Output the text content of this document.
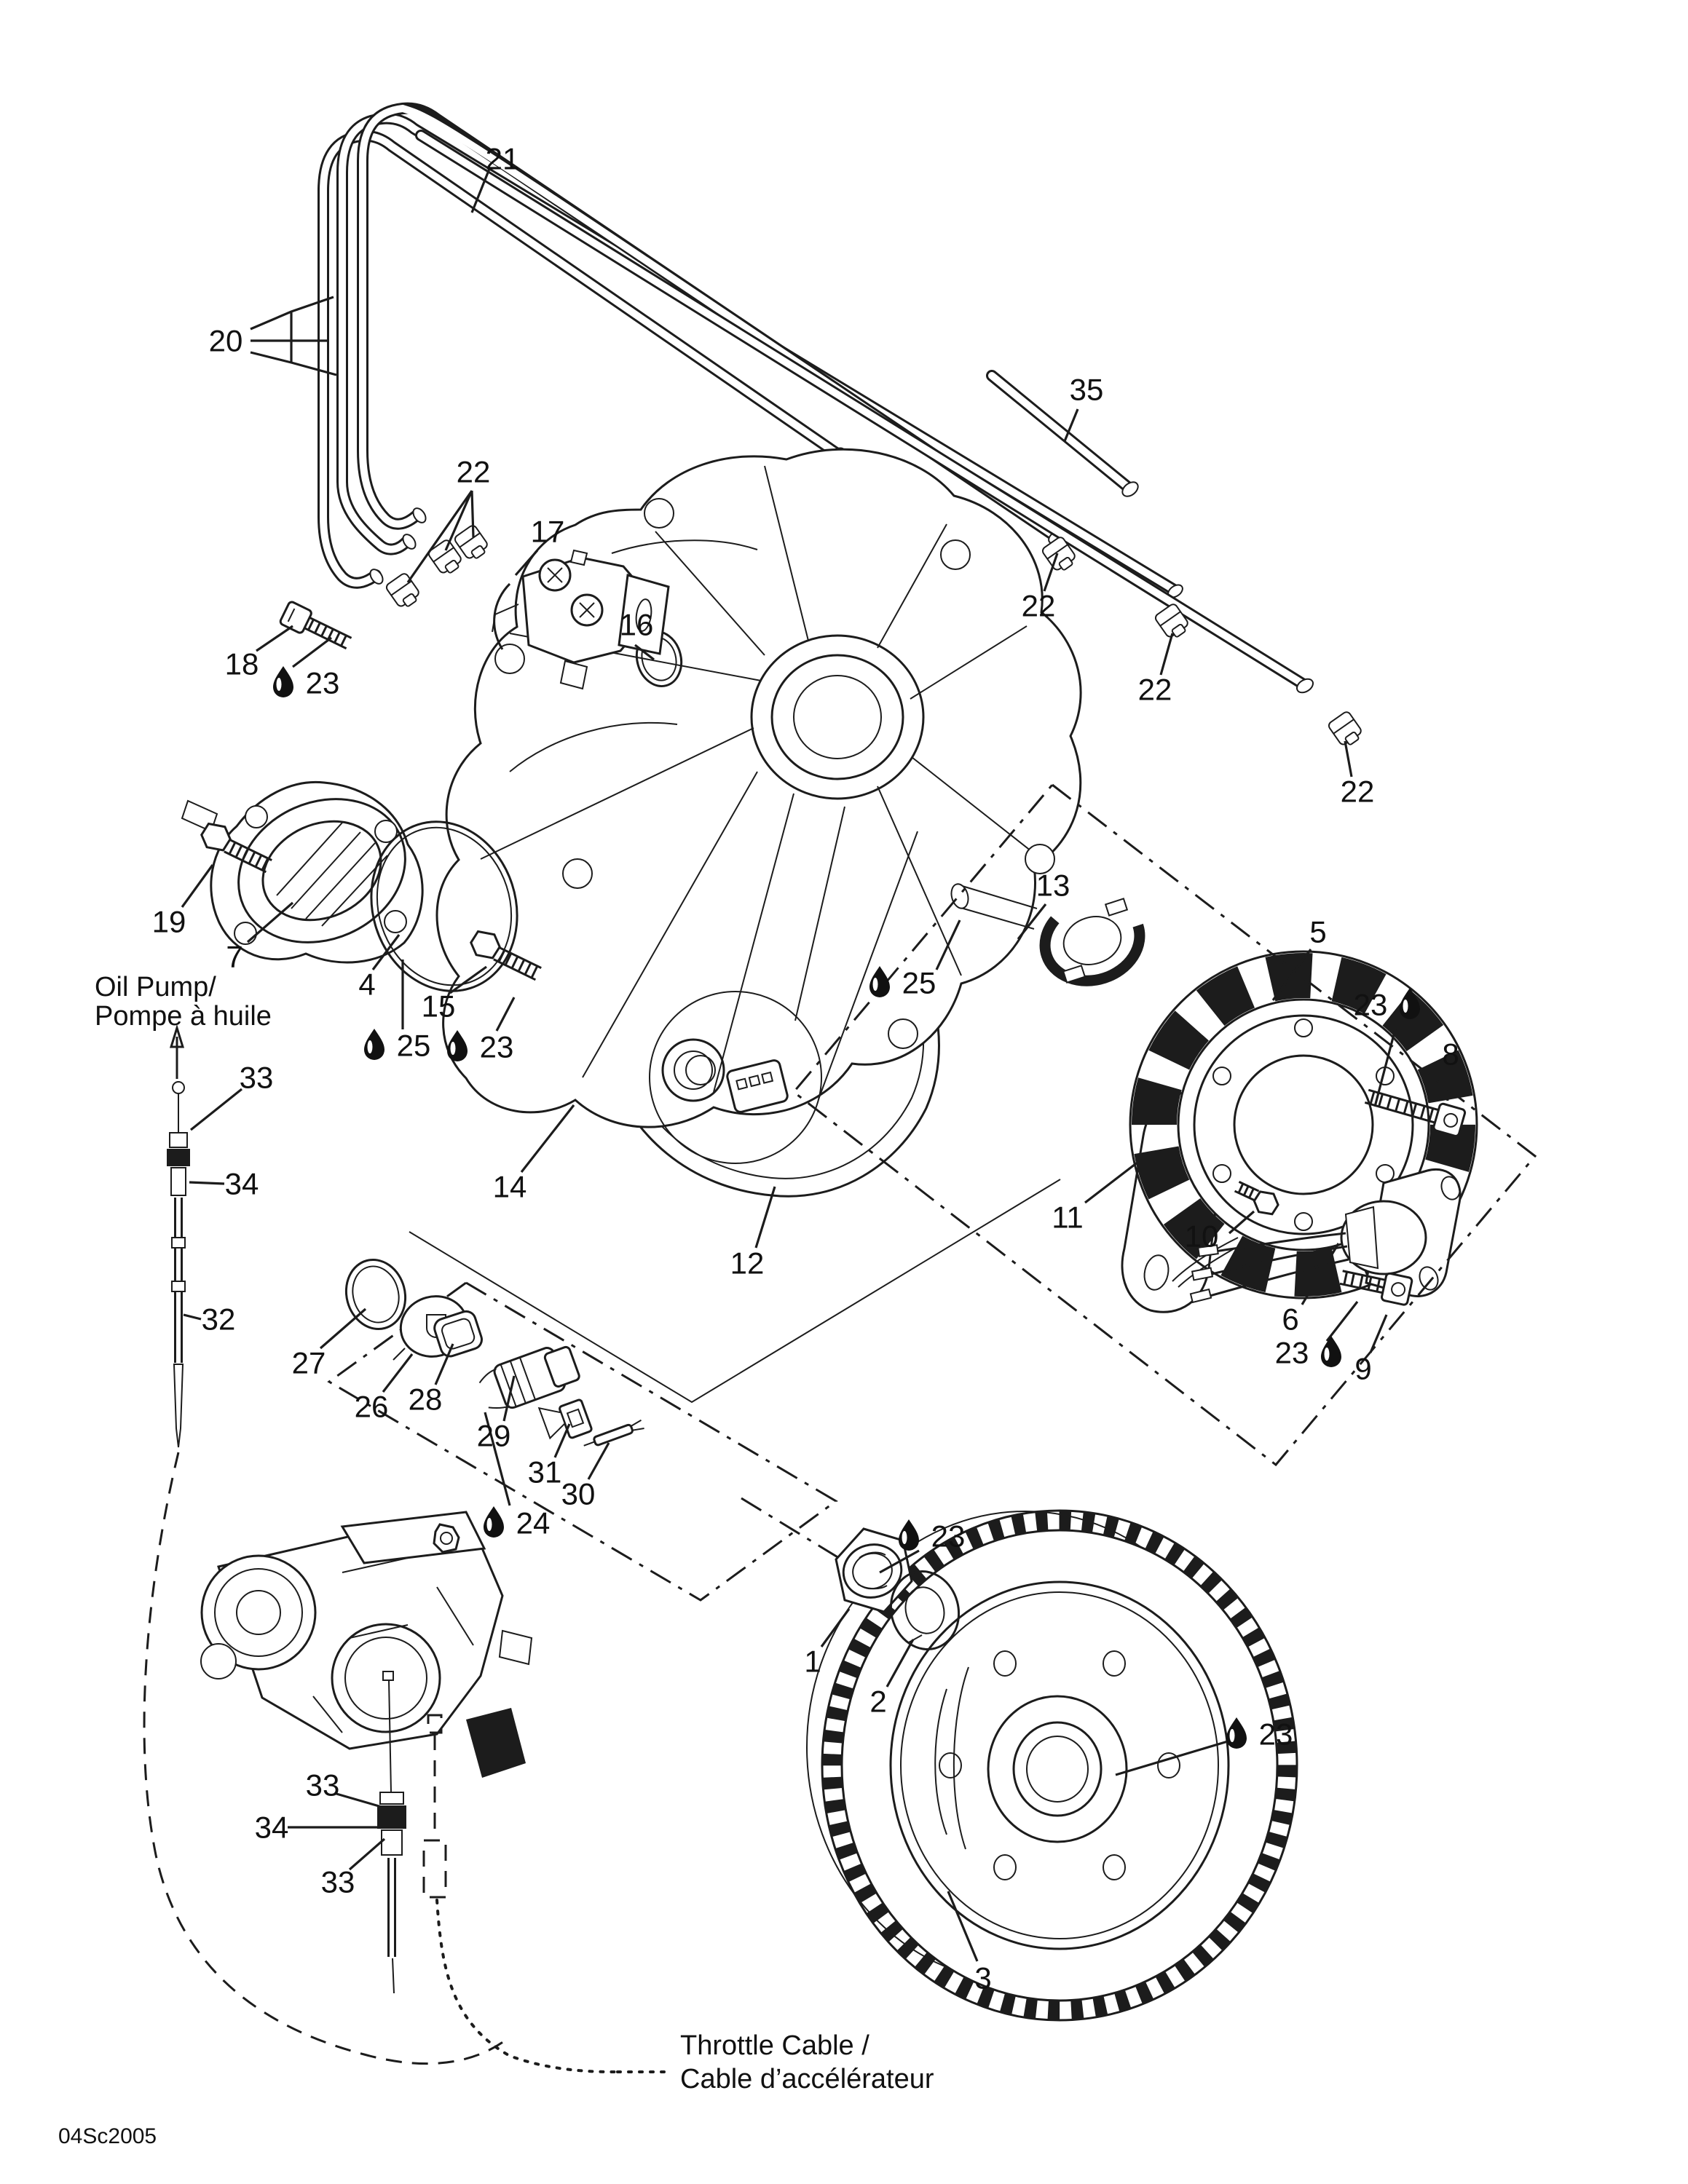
21
20
35
22
17
16
18
23
19
7
4
15
25 23
13
25
5
23
8
14
12
11
10
6
23 9
33
34
32
27
26 28
29
31
30
24
22
22
22
1
2
23
3
23
33
34
33
Oil Pump/
Pompe à huile
Throttle Cable /
Cable d’accélérateur
04Sc2005
